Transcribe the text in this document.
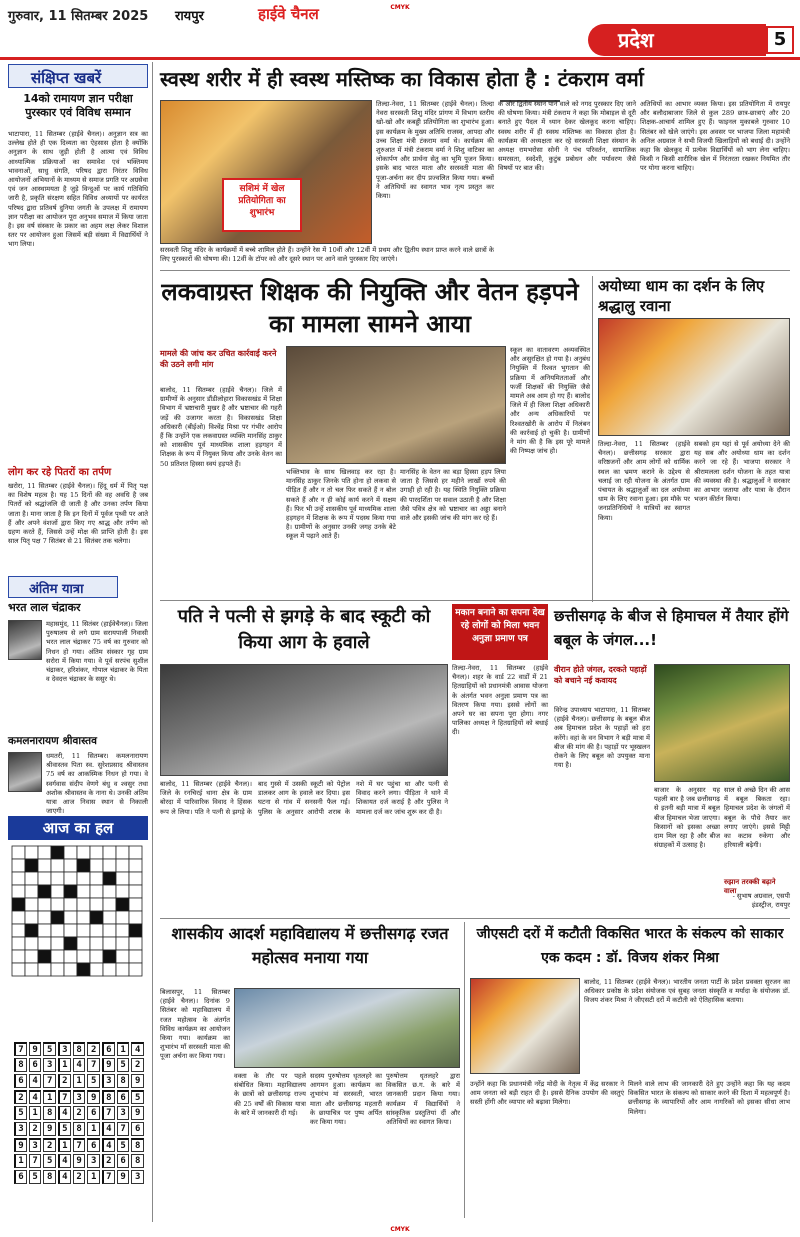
CMYK
गुरुवार, 11 सितम्बर 2025 रायपुर	हाईवे चैनल
प्रदेश	5
संक्षिप्त खबरें
14को रामायण ज्ञान परीक्षा पुरस्कार एवं विविध सम्मान
भाटापारा, 11 सितम्बर (हाईवे चैनल)। अनुज्ञान सत्र का उल्लेख होते ही एक दिव्यता का ऐहसास होता है क्योंकि अनुज्ञान के साथ जुड़ी होती है आत्मा एवं विविध आध्यात्मिक प्रक्रियाओं का समावेश एवं भक्तिमय भावनाओं, साधु संगति, परिषद द्वारा निरंतर विविध आयोजनों अभियानों के माध्यम से समाज प्रगति पर अग्रसेवा एवं जन आस्थामयता है जुड़े विन्दुओं पर कार्य गतिविधि जारी है, प्रकृति संरक्षण सहित विविध अध्यायों पर कार्यरत परिषद द्वारा प्रतिवर्ष दुनिया जगती के उपलक्ष में रामायण ज्ञान परीक्षा का आयोजन पूरा अनुभव समाज में किया जाता है। इस वर्ष संस्कार के प्रकार का अहम लक्ष लेकर विशाल स्तर पर आयोजन हुआ जिसमें बड़ी संख्या में विद्यार्थियों ने भाग लिया।
लोग कर रहे पितरों का तर्पण
खरोरा, 11 सितम्बर (हाईवे चैनल)। हिंदू धर्म में पितृ पक्ष का विशेष महत्व है। यह 15 दिनों की वह अवधि है जब पितरों को श्रद्धांजलि दी जाती है और उनका तर्पण किया जाता है। माना जाता है कि इन दिनों में पूर्वज पृथ्वी पर आते हैं और अपने वंशजों द्वारा किए गए श्राद्ध और तर्पण को ग्रहण करते हैं, जिससे उन्हें मोक्ष की प्राप्ति होती है। इस साल पितृ पक्ष 7 सितंबर से 21 सितंबर तक चलेगा।
अंतिम यात्रा
भरत लाल चंद्राकर
महासमुंद, 11 सितंबर (हाईवेचैनल)। जिला पुरुषालय से लगे ग्राम सरायपाली निवासी भरत लाल चंद्राकर 75 वर्ष का गुरुवार को निधन हो गया। अंतिम संस्कार गृह ग्राम सरोरा में किया गया। वे पूर्व सरपंच सुशील चंद्राकर, हरिशंकर, गोपाल चंद्राकर के पिता व देवदत्त चंद्राकर के ससुर थे।
कमलनारायण श्रीवास्तव
धमतरी, 11 सितम्बर। कमलनारायण श्रीवास्तव पिता स्व. सुरेशप्रसाद श्रीवास्तव 75 वर्ष का आकस्मिक निधन हो गया। वे स्वर्गवास संदीप वेणगे बंधु व श्वसुर तथा अशोक श्रीवास्तव के नाना थे। उनकी अंतिम यात्रा आज निवास स्थान से निकाली जाएगी।
आज का हल
7	9	5	3	8	2	6	1	4
8	6	3	1	4	7	9	5	2
6	4	7	2	1	5	3	8	9
2	4	1	7	3	9	8	6	5
5	1	8	4	2	6	7	3	9
3	2	9	5	8	1	4	7	6
9	3	2	1	7	6	4	5	8
1	7	5	4	9	3	2	6	8
6	5	8	4	2	1	7	9	3
स्वस्थ शरीर में ही स्वस्थ मस्तिष्क का विकास होता है : टंकराम वर्मा
सशिमं में खेल प्रतियोगिता का शुभारंभ
तिल्दा-नेवरा, 11 सितम्बर (हाईवे चैनल)। तिल्दा नेवरा सरस्वती शिशु मंदिर प्रांगण में विभाग स्तरीय खो-खो और कबड्डी प्रतियोगिता का शुभारंभ हुआ। इस कार्यक्रम के मुख्य अतिथि राजस्व, आपदा और उच्च शिक्षा मंत्री टंकराम वर्मा थे। कार्यक्रम की शुरुआत में मंत्री टंकराम वर्मा ने शिशु वाटिका का लोकार्पण और प्रार्थना सेतु का भूमि पूजन किया। इसके बाद भारत माता और सरस्वती माता की पूजा-अर्चना कर दीप प्रज्वलित किया गया। बच्चों ने अतिथियों का स्वागत भाव नृत्य प्रस्तुत कर किया।
क और द्वितीय स्थान पाने वाले को नगद पुरस्कार दिए जाने की घोषणा किया। मंत्री टंकराम ने कहा कि मोबाइल से दूरी बनाते हुए पैदल में ध्यान देकर खेलकूद करना चाहिए। स्वस्थ शरीर में ही स्वस्थ मस्तिष्क का विकास होता है। कार्यक्रम की अध्यक्षता कर रहे सरस्वती शिक्षा संस्थान के अध्यक्ष रामभरोसा सोनी ने पंच परिवर्तन, सामाजिक समरसता, स्वदेशी, कुटुंब प्रबोधन और पर्यावरण जैसे विषयों पर बात की।
अतिथियों का आभार व्यक्त किया। इस प्रतियोगिता में रायपुर और बलौदाबाजार जिले से कुल 289 छात्र-छात्राएं और 20 शिक्षक-आचार्य शामिल हुए हैं। फाइनल मुकाबले गुरुवार 10 सितंबर को खेले जाएंगे। इस अवसर पर भाजपा जिला महामंत्री अनिल अग्रवाल ने सभी विजयी खिलाड़ियों को बधाई दी। उन्होंने कहा कि खेलकूद में प्रत्येक विद्यार्थियों को भाग लेना चाहिए। किसी न किसी शारीरिक खेल में निरंतरता रखकर नियमित तौर पर योगा करना चाहिए।
सरस्वती शिशु मंदिर के कार्यक्रमों में बच्चे शामिल होते हैं। उन्होंने रेस में 10वीं और 12वीं में प्रथम और द्वितीय स्थान प्राप्त करने वाले छात्रों के लिए पुरस्कारों की घोषणा की। 12वीं के टॉपर को और दूसरे स्थान पर आने वाले पुरस्कार दिए जाएंगे।
लकवाग्रस्त शिक्षक की नियुक्ति और वेतन हड़पने का मामला सामने आया
मामले की जांच कर उचित कार्रवाई करने की उठने लगी मांग
बालोद, 11 सितम्बर (हाईवे चैनल)। जिले में ग्रामीणों के अनुसार डौंडीलोहारा विकासखंड में शिक्षा विभाग में भ्रष्टाचारी मुखर है और भ्रष्टाचार की गहरी जड़ें की उजागर करता है। विकासखंड शिक्षा अधिकारी (बीईओ) विश्वेंद्र मिश्रा पर गंभीर आरोप हैं कि उन्होंने एक लकवाग्रस्त व्यक्ति मानसिंह ठाकुर को शासकीय पूर्व माध्यमिक शाला हड़गहन में शिक्षक के रूप में नियुक्त किया और उनके वेतन का 50 प्रतिशत हिस्सा स्वयं हड़पते हैं।
भक्तिभाव के साथ खिलवाड़ कर रहा है। मानसिंह ठाकुर जिनके पति होना हो लकवा से पीड़ित हैं और न तो चल फिर सकते हैं न बोल सकते हैं और न ही कोई कार्य करने में सक्षम हैं। फिर भी उन्हें शासकीय पूर्व माध्यमिक शाला हड़गहन में शिक्षक के रूप में पदस्थ किया गया है। ग्रामीणों के अनुसार उनकी जगह उनके बेटे स्कूल में पढ़ाने आते हैं।
मानसिंह के वेतन का बड़ा हिस्सा हड़प लिया जाता है जिससे हर महीने लाखों रुपये की उगाही हो रही है। यह स्थिति नियुक्ति प्रक्रिया की पारदर्शिता पर सवाल उठाती है और शिक्षा जैसे पवित्र क्षेत्र को भ्रष्टाचार का अड्डा बनाने वाले और इसकी जांच की मांग कर रहे हैं।
स्कूल का वातावरण अव्यवस्थित और असुरक्षित हो गया है। अनुबंध नियुक्ति में रिश्वत भुगतान की प्रक्रिया में अनियमितताओं और फर्जी शिक्षकों की नियुक्ति जैसे मामले अब आम हो गए हैं। बालोद जिले में ही जिला शिक्षा अधिकारी और अन्य अधिकारियों पर रिश्वतखोरी के आरोप में निलंबन की कार्रवाई हो चुकी है। ग्रामीणों ने मांग की है कि इस पूरे मामले की निष्पक्ष जांच हो।
अयोध्या धाम का दर्शन के लिए श्रद्धालु रवाना
तिल्दा-नेवरा, 11 सितम्बर (हाईवे चैनल)। छत्तीसगढ़ सरकार द्वारा वरिष्ठजनों और आम लोगों को धार्मिक स्थल का भ्रमण कराने के उद्देश्य से चलाई जा रही योजना के अंतर्गत ग्राम पंचायत के श्रद्धालुओं का दल अयोध्या धाम के लिए रवाना हुआ। इस मौके पर जनप्रतिनिधियों ने यात्रियों का स्वागत किया।
सबको हम यहां से पूर्व अयोध्या देने की यह सब और अयोध्या धाम का दर्शन करने जा रहे हैं। भाजपा सरकार ने श्रीरामलला दर्शन योजना के तहत यात्रा की व्यवस्था की है। श्रद्धालुओं ने सरकार का आभार जताया और यात्रा के दौरान भजन कीर्तन किया।
पति ने पत्नी से झगड़े के बाद स्कूटी को किया आग के हवाले
बालोद, 11 सितम्बर (हाईवे चैनल)। जिले के रनचिरई थाना क्षेत्र के ग्राम बोरदा में पारिवारिक विवाद ने हिंसक रूप ले लिया। पति ने पत्नी से झगड़े के बाद गुस्से में उसकी स्कूटी को पेट्रोल डालकर आग के हवाले कर दिया। इस घटना से गांव में सनसनी फैल गई। पुलिस के अनुसार आरोपी शराब के नशे में घर पहुंचा था और पत्नी से विवाद करने लगा। पीड़िता ने थाने में शिकायत दर्ज कराई है और पुलिस ने मामला दर्ज कर जांच शुरू कर दी है।
मकान बनाने का सपना देख रहे लोगों को मिला भवन अनुज्ञा प्रमाण पत्र
तिल्दा-नेवरा, 11 सितम्बर (हाईवे चैनल)। शहर के वार्ड 22 वार्डों में 21 हितग्राहियों को प्रधानमंत्री आवास योजना के अंतर्गत भवन अनुज्ञा प्रमाण पत्र का वितरण किया गया। इससे लोगों का अपने घर का सपना पूरा होगा। नगर पालिका अध्यक्ष ने हितग्राहियों को बधाई दी।
छत्तीसगढ़ के बीज से हिमाचल में तैयार होंगे बबूल के जंगल...!
वीरान होते जंगल, दरकते पहाड़ों को बचाने नई कवायद
विरेन्द्र उपाध्याय भाटापारा, 11 सितम्बर (हाईवे चैनल)। छत्तीसगढ़ के बबूल बीज अब हिमाचल प्रदेश के पहाड़ों को हरा करेंगे। वहां के वन विभाग ने बड़ी मात्रा में बीज की मांग की है। पहाड़ों पर भूस्खलन रोकने के लिए बबूल को उपयुक्त माना गया है।
बाजार के अनुसार यह पहली बार है जब छत्तीसगढ़ से इतनी बड़ी मात्रा में बबूल बीज हिमाचल भेजा जाएगा। किसानों को इसका अच्छा दाम मिल रहा है और बीज संग्राहकों में उत्साह है।
साल से अच्छे दिन की आस में बबूल बिकता रहा। हिमाचल प्रदेश के जंगलों में बबूल के पौधे तैयार कर लगाए जाएंगे। इससे मिट्टी का कटाव रुकेगा और हरियाली बढ़ेगी।
रुझान तरक्की बढ़ाने वाला
- सुभाष अग्रवाल, एसपी इंडस्ट्रीज, रायपुर
शासकीय आदर्श महाविद्यालय में छत्तीसगढ़ रजत महोत्सव मनाया गया
बिलासपुर, 11 सितम्बर (हाईवे चैनल)। दिनांक 9 सितंबर को महाविद्यालय में रजत महोत्सव के अंतर्गत विविध कार्यक्रम का आयोजन किया गया। कार्यक्रम का शुभारंभ माँ सरस्वती माता की पूजा अर्चना कर किया गया।
वक्ता के तौर पर पहले संबोधित किया। महाविद्यालय के छात्रों को छत्तीसगढ़ राज्य की 25 वर्षों की विकास यात्रा के बारे में जानकारी दी गई।
सदस्य पुरुषोत्तम धृतलहरे का आगमन हुआ। कार्यक्रम का शुभारंभ मां सरस्वती, भारत माता और छत्तीसगढ़ महतारी के छायाचित्र पर पुष्प अर्पित कर किया गया।
पुरुषोत्तम धृतलहरे द्वारा विकसित छ.ग. के बारे में जानकारी प्रदान किया गया। कार्यक्रम में विद्यार्थियों ने सांस्कृतिक प्रस्तुतियां दीं और अतिथियों का स्वागत किया।
जीएसटी दरों में कटौती विकसित भारत के संकल्प को साकार एक कदम : डॉ. विजय शंकर मिश्रा
बालोद, 11 सितम्बर (हाईवे चैनल)। भारतीय जनता पार्टी के प्रदेश प्रवक्ता सुरजन का अधिकार प्रकोष्ठ के प्रदेश संयोजक एवं सुबह जनता संस्कृति व मर्यादा के संयोजक डॉ. विजय शंकर मिश्रा ने जीएसटी दरों में कटौती को ऐतिहासिक बताया।
उन्होंने कहा कि प्रधानमंत्री नरेंद्र मोदी के नेतृत्व में केंद्र सरकार ने आम जनता को बड़ी राहत दी है। इससे दैनिक उपयोग की वस्तुएं सस्ती होंगी और व्यापार को बढ़ावा मिलेगा।
मिलने वाले लाभ की जानकारी देते हुए उन्होंने कहा कि यह कदम विकसित भारत के संकल्प को साकार करने की दिशा में महत्वपूर्ण है। छत्तीसगढ़ के व्यापारियों और आम नागरिकों को इसका सीधा लाभ मिलेगा।
CMYK
